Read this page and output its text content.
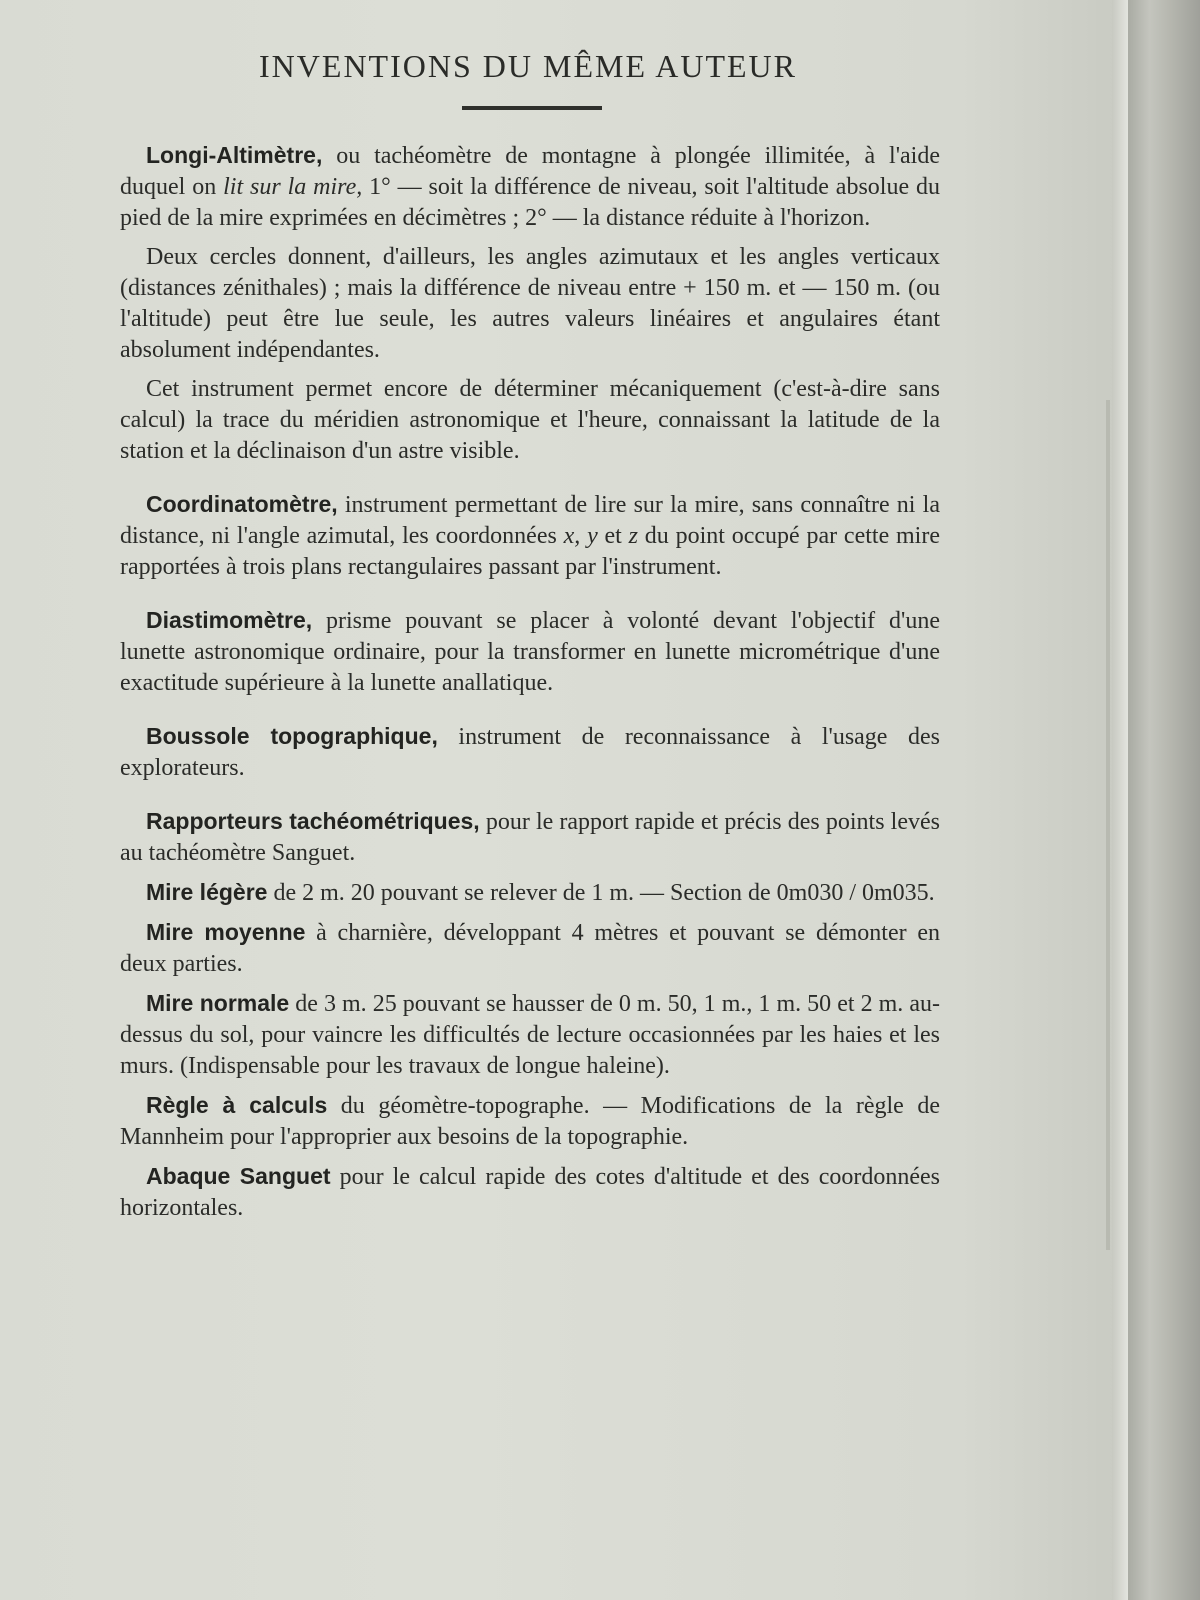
INVENTIONS DU MÊME AUTEUR

Longi-Altimètre, ou tachéomètre de montagne à plongée illimitée, à l'aide duquel on lit sur la mire, 1° — soit la différence de niveau, soit l'altitude absolue du pied de la mire exprimées en décimètres ; 2° — la distance réduite à l'horizon.

Deux cercles donnent, d'ailleurs, les angles azimutaux et les angles verticaux (distances zénithales) ; mais la différence de niveau entre + 150 m. et — 150 m. (ou l'altitude) peut être lue seule, les autres valeurs linéaires et angulaires étant absolument indépendantes.

Cet instrument permet encore de déterminer mécaniquement (c'est-à-dire sans calcul) la trace du méridien astronomique et l'heure, connaissant la latitude de la station et la déclinaison d'un astre visible.

Coordinatomètre, instrument permettant de lire sur la mire, sans connaître ni la distance, ni l'angle azimutal, les coordonnées x, y et z du point occupé par cette mire rapportées à trois plans rectangulaires passant par l'instrument.

Diastimomètre, prisme pouvant se placer à volonté devant l'objectif d'une lunette astronomique ordinaire, pour la transformer en lunette micrométrique d'une exactitude supérieure à la lunette anallatique.

Boussole topographique, instrument de reconnaissance à l'usage des explorateurs.

Rapporteurs tachéométriques, pour le rapport rapide et précis des points levés au tachéomètre Sanguet.

Mire légère de 2 m. 20 pouvant se relever de 1 m. — Section de 0m030 / 0m035.

Mire moyenne à charnière, développant 4 mètres et pouvant se démonter en deux parties.

Mire normale de 3 m. 25 pouvant se hausser de 0 m. 50, 1 m., 1 m. 50 et 2 m. au-dessus du sol, pour vaincre les difficultés de lecture occasionnées par les haies et les murs. (Indispensable pour les travaux de longue haleine).

Règle à calculs du géomètre-topographe. — Modifications de la règle de Mannheim pour l'approprier aux besoins de la topographie.

Abaque Sanguet pour le calcul rapide des cotes d'altitude et des coordonnées horizontales.
